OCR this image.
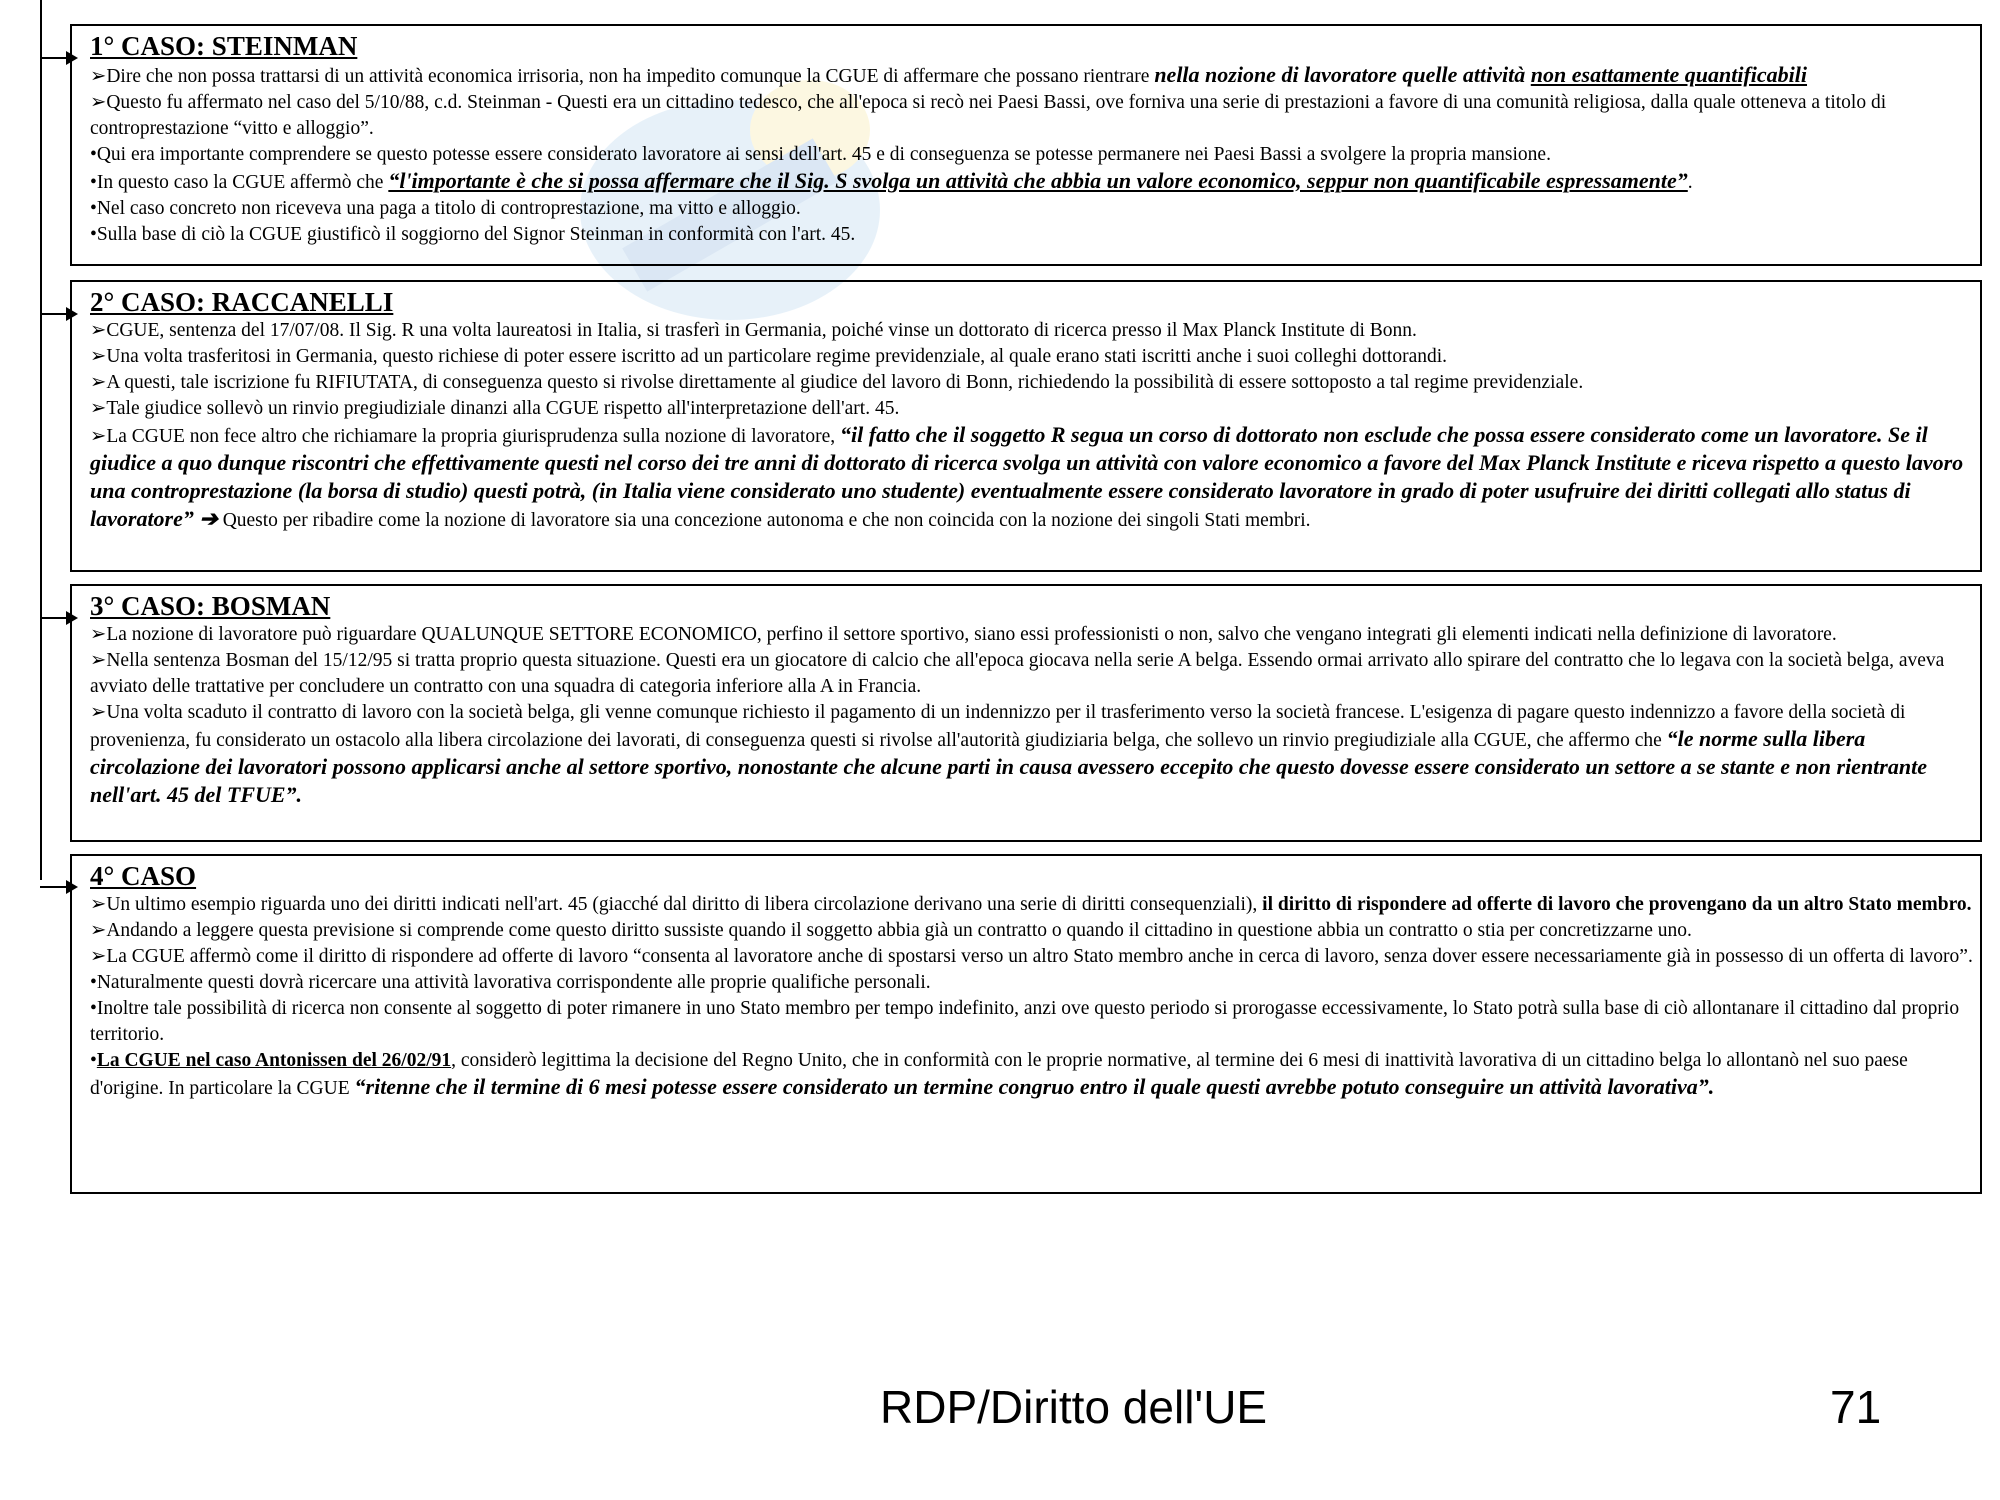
1° CASO: STEINMAN

➢Dire che non possa trattarsi di un attività economica irrisoria, non ha impedito comunque la CGUE di affermare che possano rientrare nella nozione di lavoratore quelle attività non esattamente quantificabili

➢Questo fu affermato nel caso del 5/10/88, c.d. Steinman - Questi era un cittadino tedesco, che all'epoca si recò nei Paesi Bassi, ove forniva una serie di prestazioni a favore di una comunità religiosa, dalla quale otteneva a titolo di controprestazione “vitto e alloggio”.

•Qui era importante comprendere se questo potesse essere considerato lavoratore ai sensi dell'art. 45 e di conseguenza se potesse permanere nei Paesi Bassi a svolgere la propria mansione.

•In questo caso la CGUE affermò che “l'importante è che si possa affermare che il Sig. S svolga un attività che abbia un valore economico, seppur non quantificabile espressamente”.

•Nel caso concreto non riceveva una paga a titolo di controprestazione, ma vitto e alloggio.

•Sulla base di ciò la CGUE giustificò il soggiorno del Signor Steinman in conformità con l'art. 45.

2° CASO: RACCANELLI

➢CGUE, sentenza del 17/07/08. Il Sig. R una volta laureatosi in Italia, si trasferì in Germania, poiché vinse un dottorato di ricerca presso il Max Planck Institute di Bonn.

➢Una volta trasferitosi in Germania, questo richiese di poter essere iscritto ad un particolare regime previdenziale, al quale erano stati iscritti anche i suoi colleghi dottorandi.

➢A questi, tale iscrizione fu RIFIUTATA, di conseguenza questo si rivolse direttamente al giudice del lavoro di Bonn, richiedendo la possibilità di essere sottoposto a tal regime previdenziale.

➢Tale giudice sollevò un rinvio pregiudiziale dinanzi alla CGUE rispetto all'interpretazione dell'art. 45.

➢La CGUE non fece altro che richiamare la propria giurisprudenza sulla nozione di lavoratore, “il fatto che il soggetto R segua un corso di dottorato non esclude che possa essere considerato come un lavoratore. Se il giudice a quo dunque riscontri che effettivamente questi nel corso dei tre anni di dottorato di ricerca svolga un attività con valore economico a favore del Max Planck Institute e riceva rispetto a questo lavoro una controprestazione (la borsa di studio) questi potrà, (in Italia viene considerato uno studente) eventualmente essere considerato lavoratore in grado di poter usufruire dei diritti collegati allo status di lavoratore” ➔ Questo per ribadire come la nozione di lavoratore sia una concezione autonoma e che non coincida con la nozione dei singoli Stati membri.

3° CASO: BOSMAN

➢La nozione di lavoratore può riguardare QUALUNQUE SETTORE ECONOMICO, perfino il settore sportivo, siano essi professionisti o non, salvo che vengano integrati gli elementi indicati nella definizione di lavoratore.

➢Nella sentenza Bosman del 15/12/95 si tratta proprio questa situazione. Questi era un giocatore di calcio che all'epoca giocava nella serie A belga. Essendo ormai arrivato allo spirare del contratto che lo legava con la società belga, aveva avviato delle trattative per concludere un contratto con una squadra di categoria inferiore alla A in Francia.

➢Una volta scaduto il contratto di lavoro con la società belga, gli venne comunque richiesto il pagamento di un indennizzo per il trasferimento verso la società francese. L'esigenza di pagare questo indennizzo a favore della società di provenienza, fu considerato un ostacolo alla libera circolazione dei lavorati, di conseguenza questi si rivolse all'autorità giudiziaria belga, che sollevo un rinvio pregiudiziale alla CGUE, che affermo che “le norme sulla libera circolazione dei lavoratori possono applicarsi anche al settore sportivo, nonostante che alcune parti in causa avessero eccepito che questo dovesse essere considerato un settore a se stante e non rientrante nell'art. 45 del TFUE”.

4° CASO

➢Un ultimo esempio riguarda uno dei diritti indicati nell'art. 45 (giacché dal diritto di libera circolazione derivano una serie di diritti consequenziali), il diritto di rispondere ad offerte di lavoro che provengano da un altro Stato membro.

➢Andando a leggere questa previsione si comprende come questo diritto sussiste quando il soggetto abbia già un contratto o quando il cittadino in questione abbia un contratto o stia per concretizzarne uno.

➢La CGUE affermò come il diritto di rispondere ad offerte di lavoro “consenta al lavoratore anche di spostarsi verso un altro Stato membro anche in cerca di lavoro, senza dover essere necessariamente già in possesso di un offerta di lavoro”.

•Naturalmente questi dovrà ricercare una attività lavorativa corrispondente alle proprie qualifiche personali.

•Inoltre tale possibilità di ricerca non consente al soggetto di poter rimanere in uno Stato membro per tempo indefinito, anzi ove questo periodo si prorogasse eccessivamente, lo Stato potrà sulla base di ciò allontanare il cittadino dal proprio territorio.

•La CGUE nel caso Antonissen del 26/02/91, considerò legittima la decisione del Regno Unito, che in conformità con le proprie normative, al termine dei 6 mesi di inattività lavorativa di un cittadino belga lo allontanò nel suo paese d'origine. In particolare la CGUE “ritenne che il termine di 6 mesi potesse essere considerato un termine congruo entro il quale questi avrebbe potuto conseguire un attività lavorativa”.

RDP/Diritto dell'UE	71
